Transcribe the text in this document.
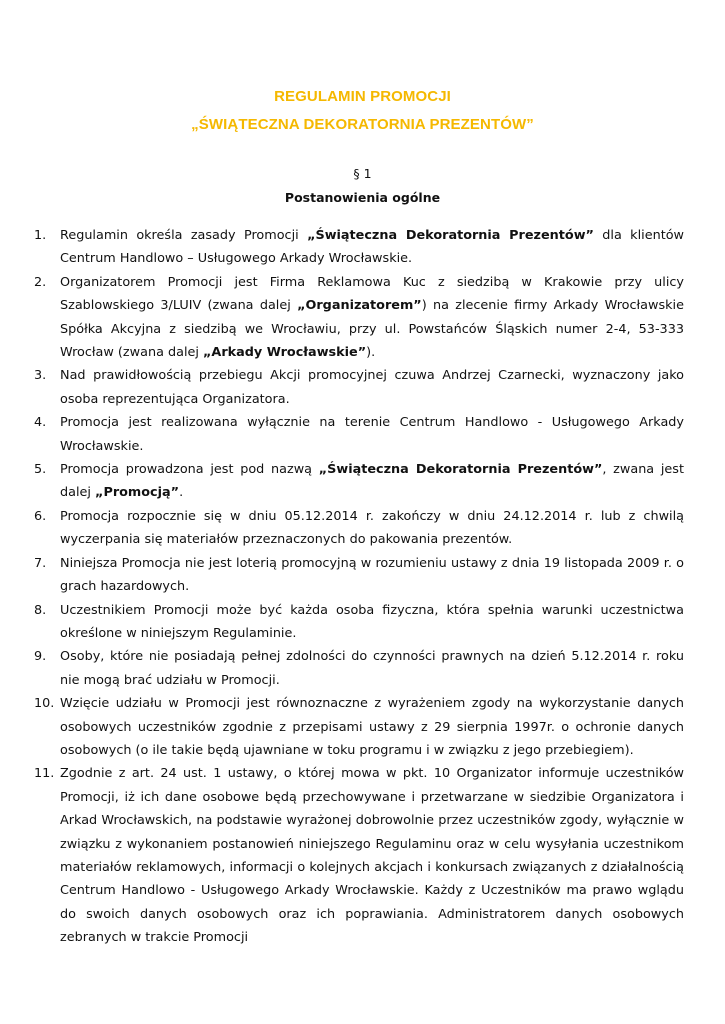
REGULAMIN PROMOCJI
„ŚWIĄTECZNA DEKORATORNIA PREZENTÓW”
§ 1
Postanowienia ogólne
1. Regulamin określa zasady Promocji „Świąteczna Dekoratornia Prezentów” dla klientów Centrum Handlowo – Usługowego Arkady Wrocławskie.
2. Organizatorem Promocji jest Firma Reklamowa Kuc z siedzibą w Krakowie przy ulicy Szablowskiego 3/LUIV (zwana dalej „Organizatorem”) na zlecenie firmy Arkady Wrocławskie Spółka Akcyjna z siedzibą we Wrocławiu, przy ul. Powstańców Śląskich numer 2-4, 53-333 Wrocław (zwana dalej „Arkady Wrocławskie”).
3. Nad prawidłowością przebiegu Akcji promocyjnej czuwa Andrzej Czarnecki, wyznaczony jako osoba reprezentująca Organizatora.
4. Promocja jest realizowana wyłącznie na terenie Centrum Handlowo - Usługowego Arkady Wrocławskie.
5. Promocja prowadzona jest pod nazwą „Świąteczna Dekoratornia Prezentów”, zwana jest dalej „Promocją”.
6. Promocja rozpocznie się w dniu 05.12.2014 r. zakończy w dniu 24.12.2014 r. lub z chwilą wyczerpania się materiałów przeznaczonych do pakowania prezentów.
7. Niniejsza Promocja nie jest loterią promocyjną w rozumieniu ustawy z dnia 19 listopada 2009 r. o grach hazardowych.
8. Uczestnikiem Promocji może być każda osoba fizyczna, która spełnia warunki uczestnictwa określone w niniejszym Regulaminie.
9. Osoby, które nie posiadają pełnej zdolności do czynności prawnych na dzień 5.12.2014 r. roku nie mogą brać udziału w Promocji.
10. Wzięcie udziału w Promocji jest równoznaczne z wyrażeniem zgody na wykorzystanie danych osobowych uczestników zgodnie z przepisami ustawy z 29 sierpnia 1997r. o ochronie danych osobowych (o ile takie będą ujawniane w toku programu i w związku z jego przebiegiem).
11. Zgodnie z art. 24 ust. 1 ustawy, o której mowa w pkt. 10 Organizator informuje uczestników Promocji, iż ich dane osobowe będą przechowywane i przetwarzane w siedzibie Organizatora i Arkad Wrocławskich, na podstawie wyrażonej dobrowolnie przez uczestników zgody, wyłącznie w związku z wykonaniem postanowień niniejszego Regulaminu oraz w celu wysyłania uczestnikom materiałów reklamowych, informacji o kolejnych akcjach i konkursach związanych z działalnością Centrum Handlowo - Usługowego Arkady Wrocławskie. Każdy z Uczestników ma prawo wglądu do swoich danych osobowych oraz ich poprawiania. Administratorem danych osobowych zebranych w trakcie Promocji
